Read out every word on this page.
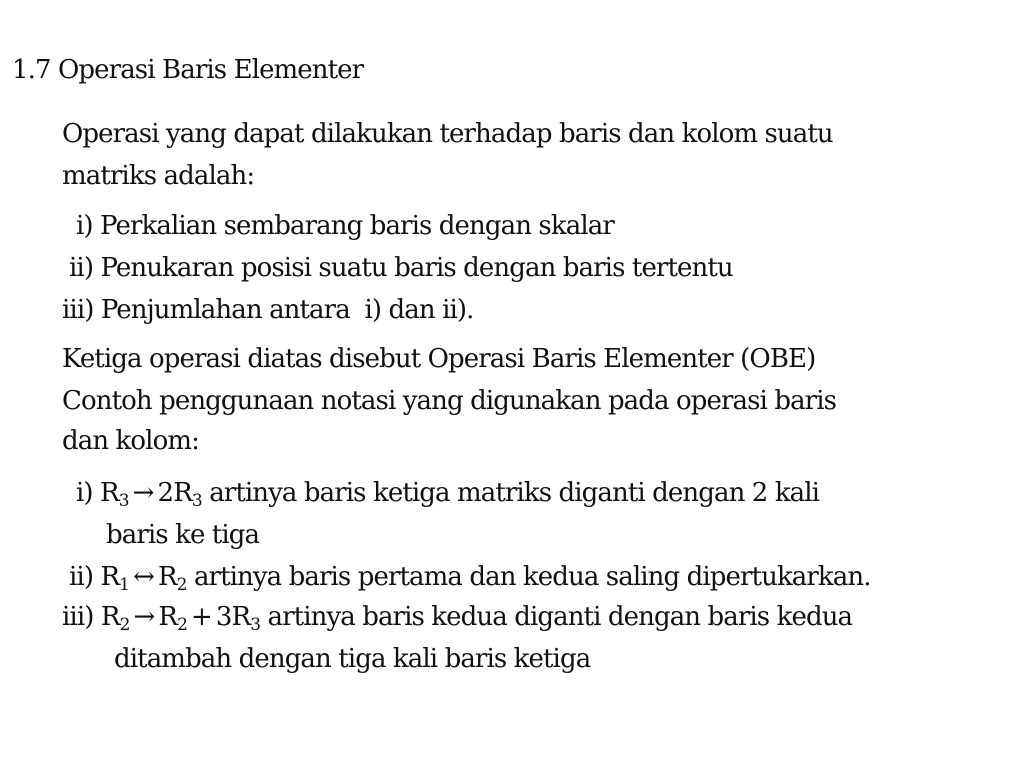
1.7 Operasi Baris Elementer
Operasi yang dapat dilakukan terhadap baris dan kolom suatu
matriks adalah:
i) Perkalian sembarang baris dengan skalar
ii) Penukaran posisi suatu baris dengan baris tertentu
iii) Penjumlahan antara  i) dan ii).
Ketiga operasi diatas disebut Operasi Baris Elementer (OBE)
Contoh penggunaan notasi yang digunakan pada operasi baris
dan kolom:
i) $R_3 \to 2R_3$ artinya baris ketiga matriks diganti dengan 2 kali
baris ke tiga
ii) $R_1$ ↔ $R_2$ artinya baris pertama dan kedua saling dipertukarkan.
iii) $R_2 \to R_2 + 3R_3$ artinya baris kedua diganti dengan baris kedua
ditambah dengan tiga kali baris ketiga
